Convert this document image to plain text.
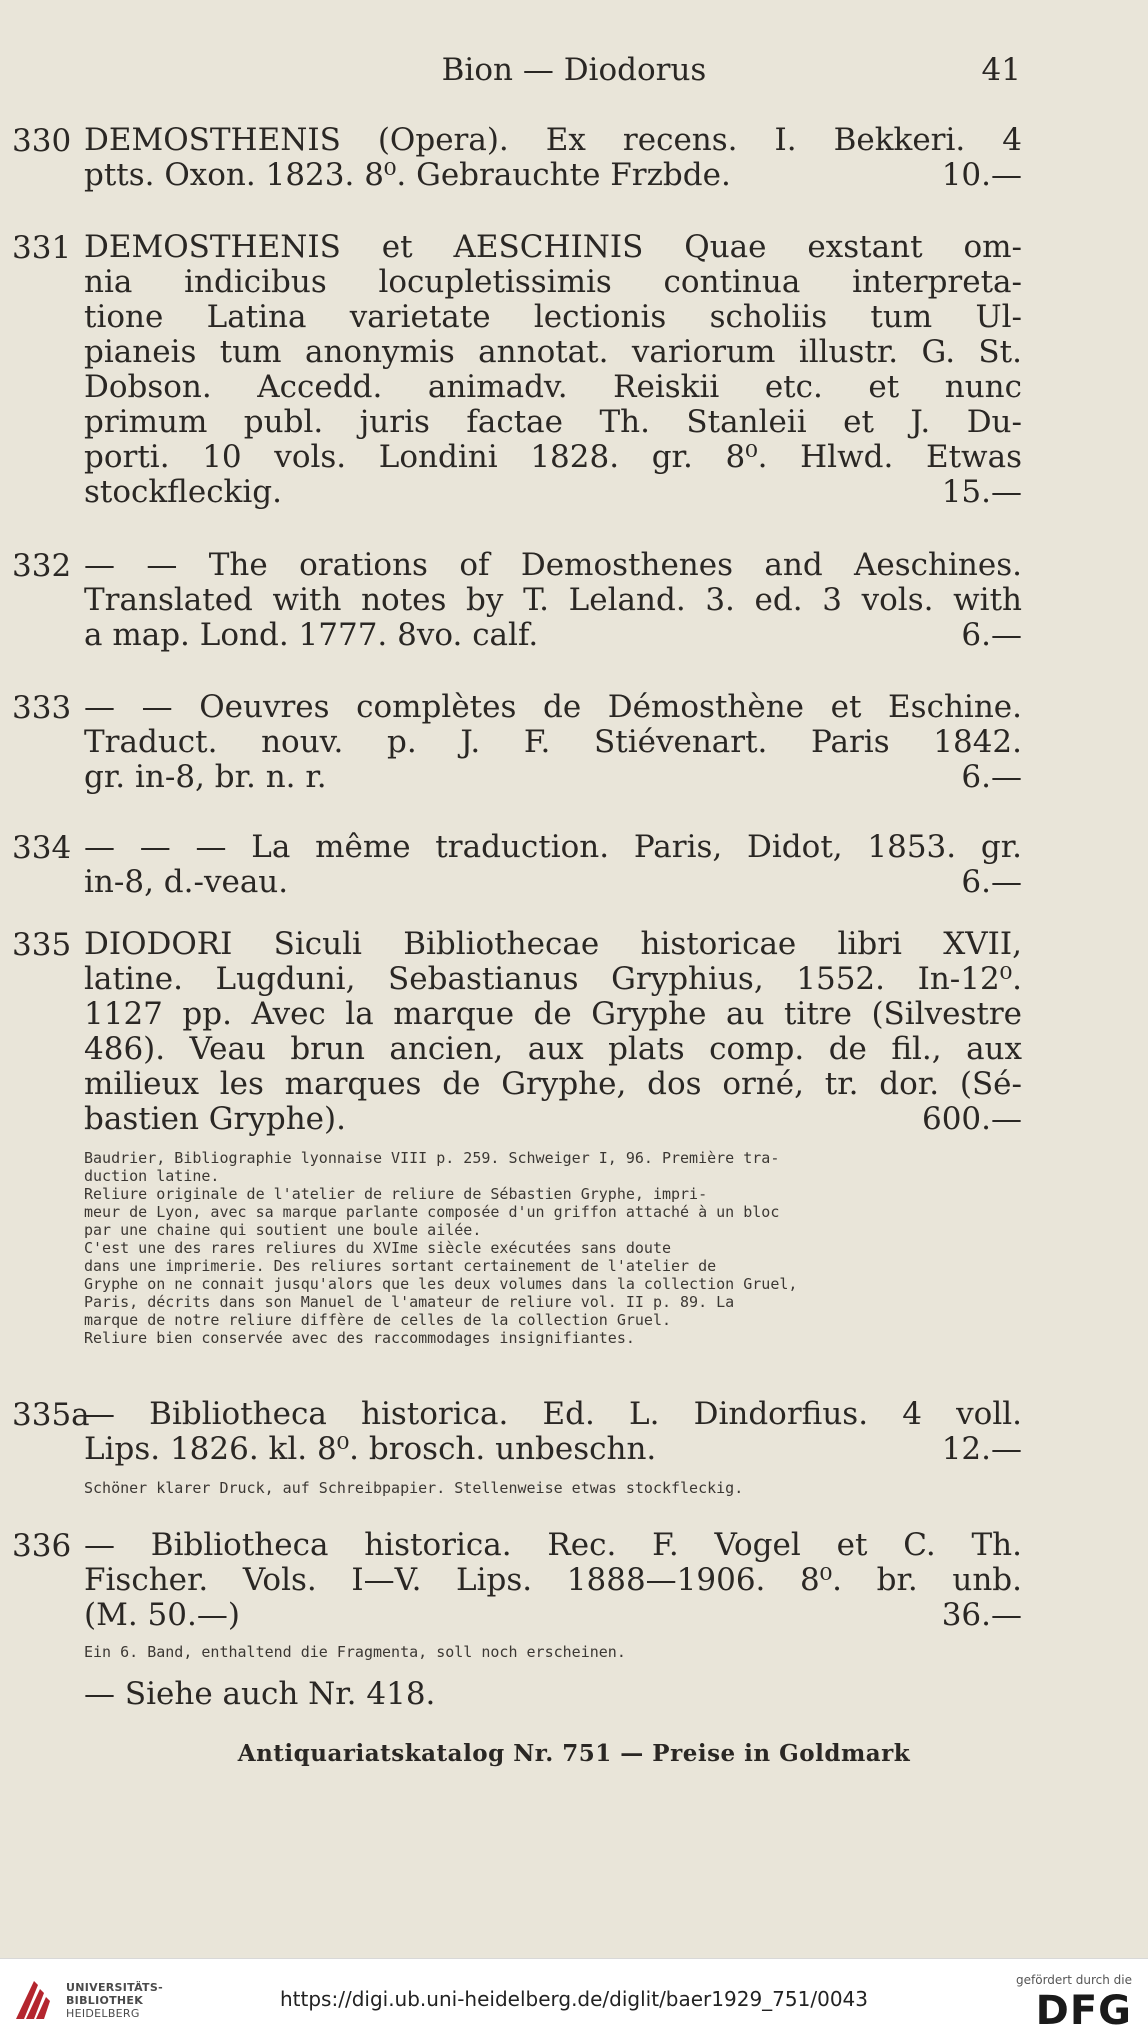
Bion — Diodorus	41
330 DEMOSTHENIS (Opera). Ex recens. I. Bekkeri. 4
ptts. Oxon. 1823. 8⁰. Gebrauchte Frzbde.	10.—
331 DEMOSTHENIS et AESCHINIS Quae exstant om-
nia indicibus locupletissimis continua interpreta-
tione Latina varietate lectionis scholiis tum Ul-
pianeis tum anonymis annotat. variorum illustr. G. St.
Dobson. Accedd. animadv. Reiskii etc. et nunc
primum publ. juris factae Th. Stanleii et J. Du-
porti. 10 vols. Londini 1828. gr. 8⁰. Hlwd. Etwas
stockfleckig.	15.—
332 — — The orations of Demosthenes and Aeschines.
Translated with notes by T. Leland. 3. ed. 3 vols. with
a map. Lond. 1777. 8vo. calf.	6.—
333 — — Oeuvres complètes de Démosthène et Eschine.
Traduct. nouv. p. J. F. Stiévenart. Paris 1842.
gr. in-8, br. n. r.	6.—
334 — — — La même traduction. Paris, Didot, 1853. gr.
in-8, d.-veau.	6.—
335 DIODORI Siculi Bibliothecae historicae libri XVII,
latine. Lugduni, Sebastianus Gryphius, 1552. In-12⁰.
1127 pp. Avec la marque de Gryphe au titre (Silvestre
486). Veau brun ancien, aux plats comp. de fil., aux
milieux les marques de Gryphe, dos orné, tr. dor. (Sé-
bastien Gryphe).	600.—
Baudrier, Bibliographie lyonnaise VIII p. 259. Schweiger I, 96. Première tra-
duction latine.
Reliure originale de l'atelier de reliure de Sébastien Gryphe, impri-
meur de Lyon, avec sa marque parlante composée d'un griffon attaché à un bloc
par une chaine qui soutient une boule ailée.
C'est une des rares reliures du XVIme siècle exécutées sans doute
dans une imprimerie. Des reliures sortant certainement de l'atelier de
Gryphe on ne connait jusqu'alors que les deux volumes dans la collection Gruel,
Paris, décrits dans son Manuel de l'amateur de reliure vol. II p. 89. La
marque de notre reliure diffère de celles de la collection Gruel.
Reliure bien conservée avec des raccommodages insignifiantes.
335a
— Bibliotheca historica. Ed. L. Dindorfius. 4 voll.
Lips. 1826. kl. 8⁰. brosch. unbeschn.	12.—
Schöner klarer Druck, auf Schreibpapier. Stellenweise etwas stockfleckig.
336 — Bibliotheca historica. Rec. F. Vogel et C. Th.
Fischer. Vols. I—V. Lips. 1888—1906. 8⁰. br. unb.
(M. 50.—)	36.—
Ein 6. Band, enthaltend die Fragmenta, soll noch erscheinen.
— Siehe auch Nr. 418.
Antiquariatskatalog Nr. 751 — Preise in Goldmark
UNIVERSITÄTS-
BIBLIOTHEK
HEIDELBERG
https://digi.ub.uni-heidelberg.de/diglit/baer1929_751/0043
gefördert durch die
DFG
